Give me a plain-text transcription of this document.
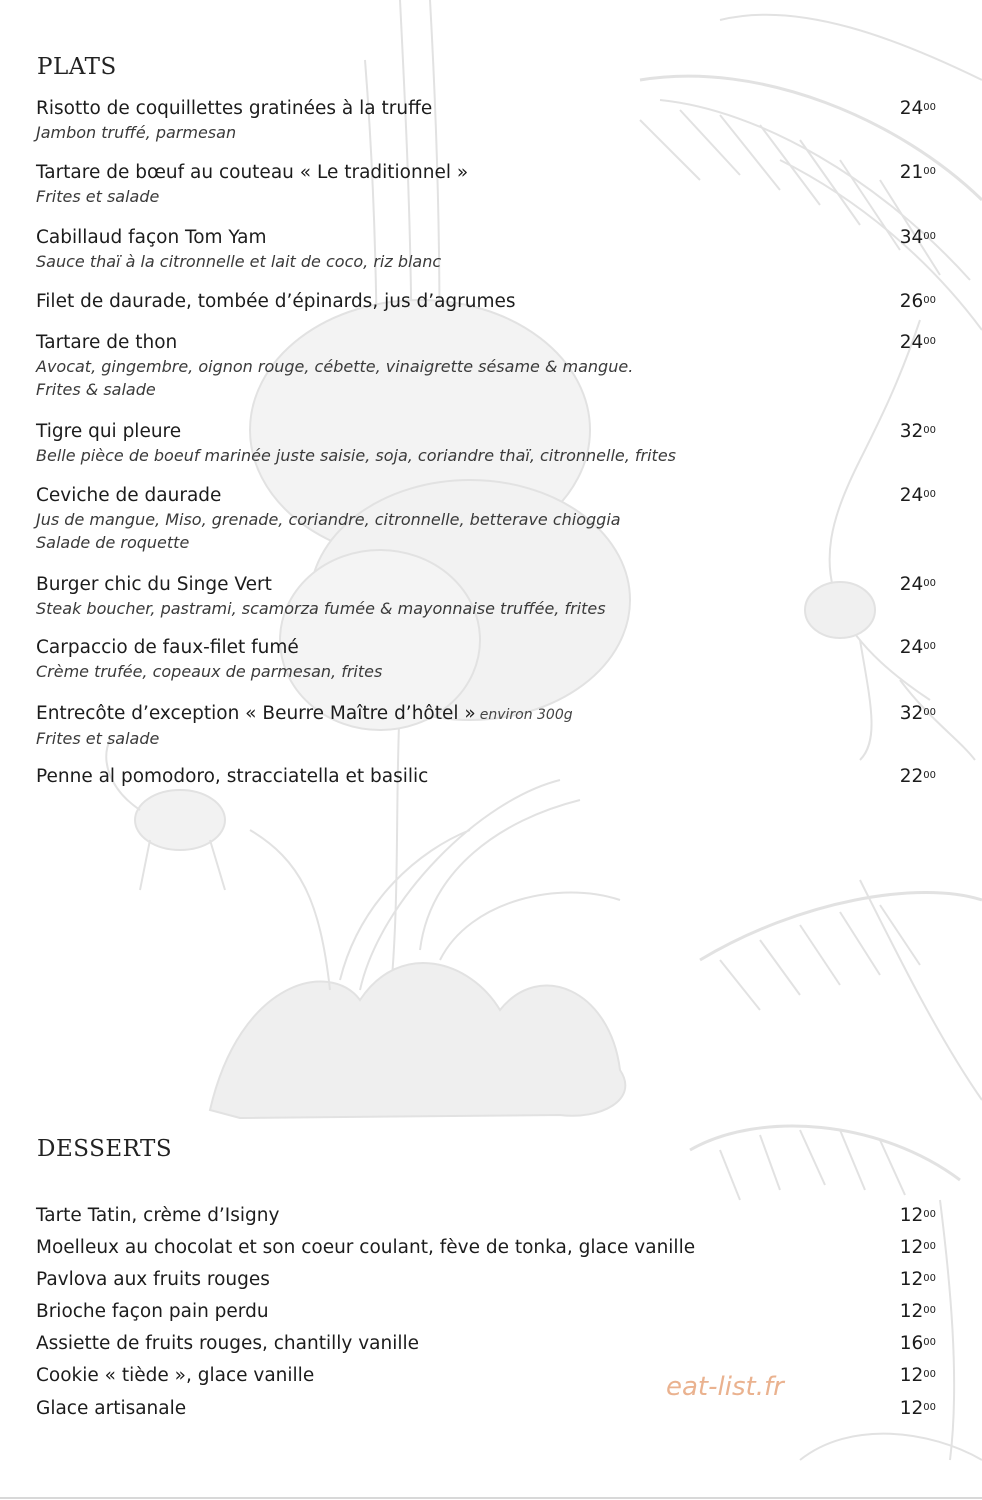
PLATS
Risotto de coquillettes gratinées à la truffe
Jambon truffé, parmesan
$24^{00}$
Tartare de bœuf au couteau « Le traditionnel »
Frites et salade
$21^{00}$
Cabillaud façon Tom Yam
Sauce thaï à la citronnelle et lait de coco, riz blanc
$34^{00}$
Filet de daurade, tombée d’épinards, jus d’agrumes	$26^{00}$
Tartare de thon
Avocat, gingembre, oignon rouge, cébette, vinaigrette sésame & mangue.
Frites & salade
$24^{00}$
Tigre qui pleure
Belle pièce de boeuf marinée juste saisie, soja, coriandre thaï, citronnelle, frites
$32^{00}$
Ceviche de daurade
Jus de mangue, Miso, grenade, coriandre, citronnelle, betterave chioggia
Salade de roquette
$24^{00}$
Burger chic du Singe Vert
Steak boucher, pastrami, scamorza fumée & mayonnaise truffée, frites
$24^{00}$
Carpaccio de faux-filet fumé
Crème trufée, copeaux de parmesan, frites
$24^{00}$
Entrecôte d’exception « Beurre Maître d’hôtel » environ 300g
Frites et salade
$32^{00}$
Penne al pomodoro, stracciatella et basilic	$22^{00}$
DESSERTS
Tarte Tatin, crème d’Isigny	$12^{00}$
Moelleux au chocolat et son coeur coulant, fève de tonka, glace vanille	$12^{00}$
Pavlova aux fruits rouges	$12^{00}$
Brioche façon pain perdu	$12^{00}$
Assiette de fruits rouges, chantilly vanille	$16^{00}$
Cookie « tiède », glace vanille	$12^{00}$
Glace artisanale	$12^{00}$
eat-list.fr
